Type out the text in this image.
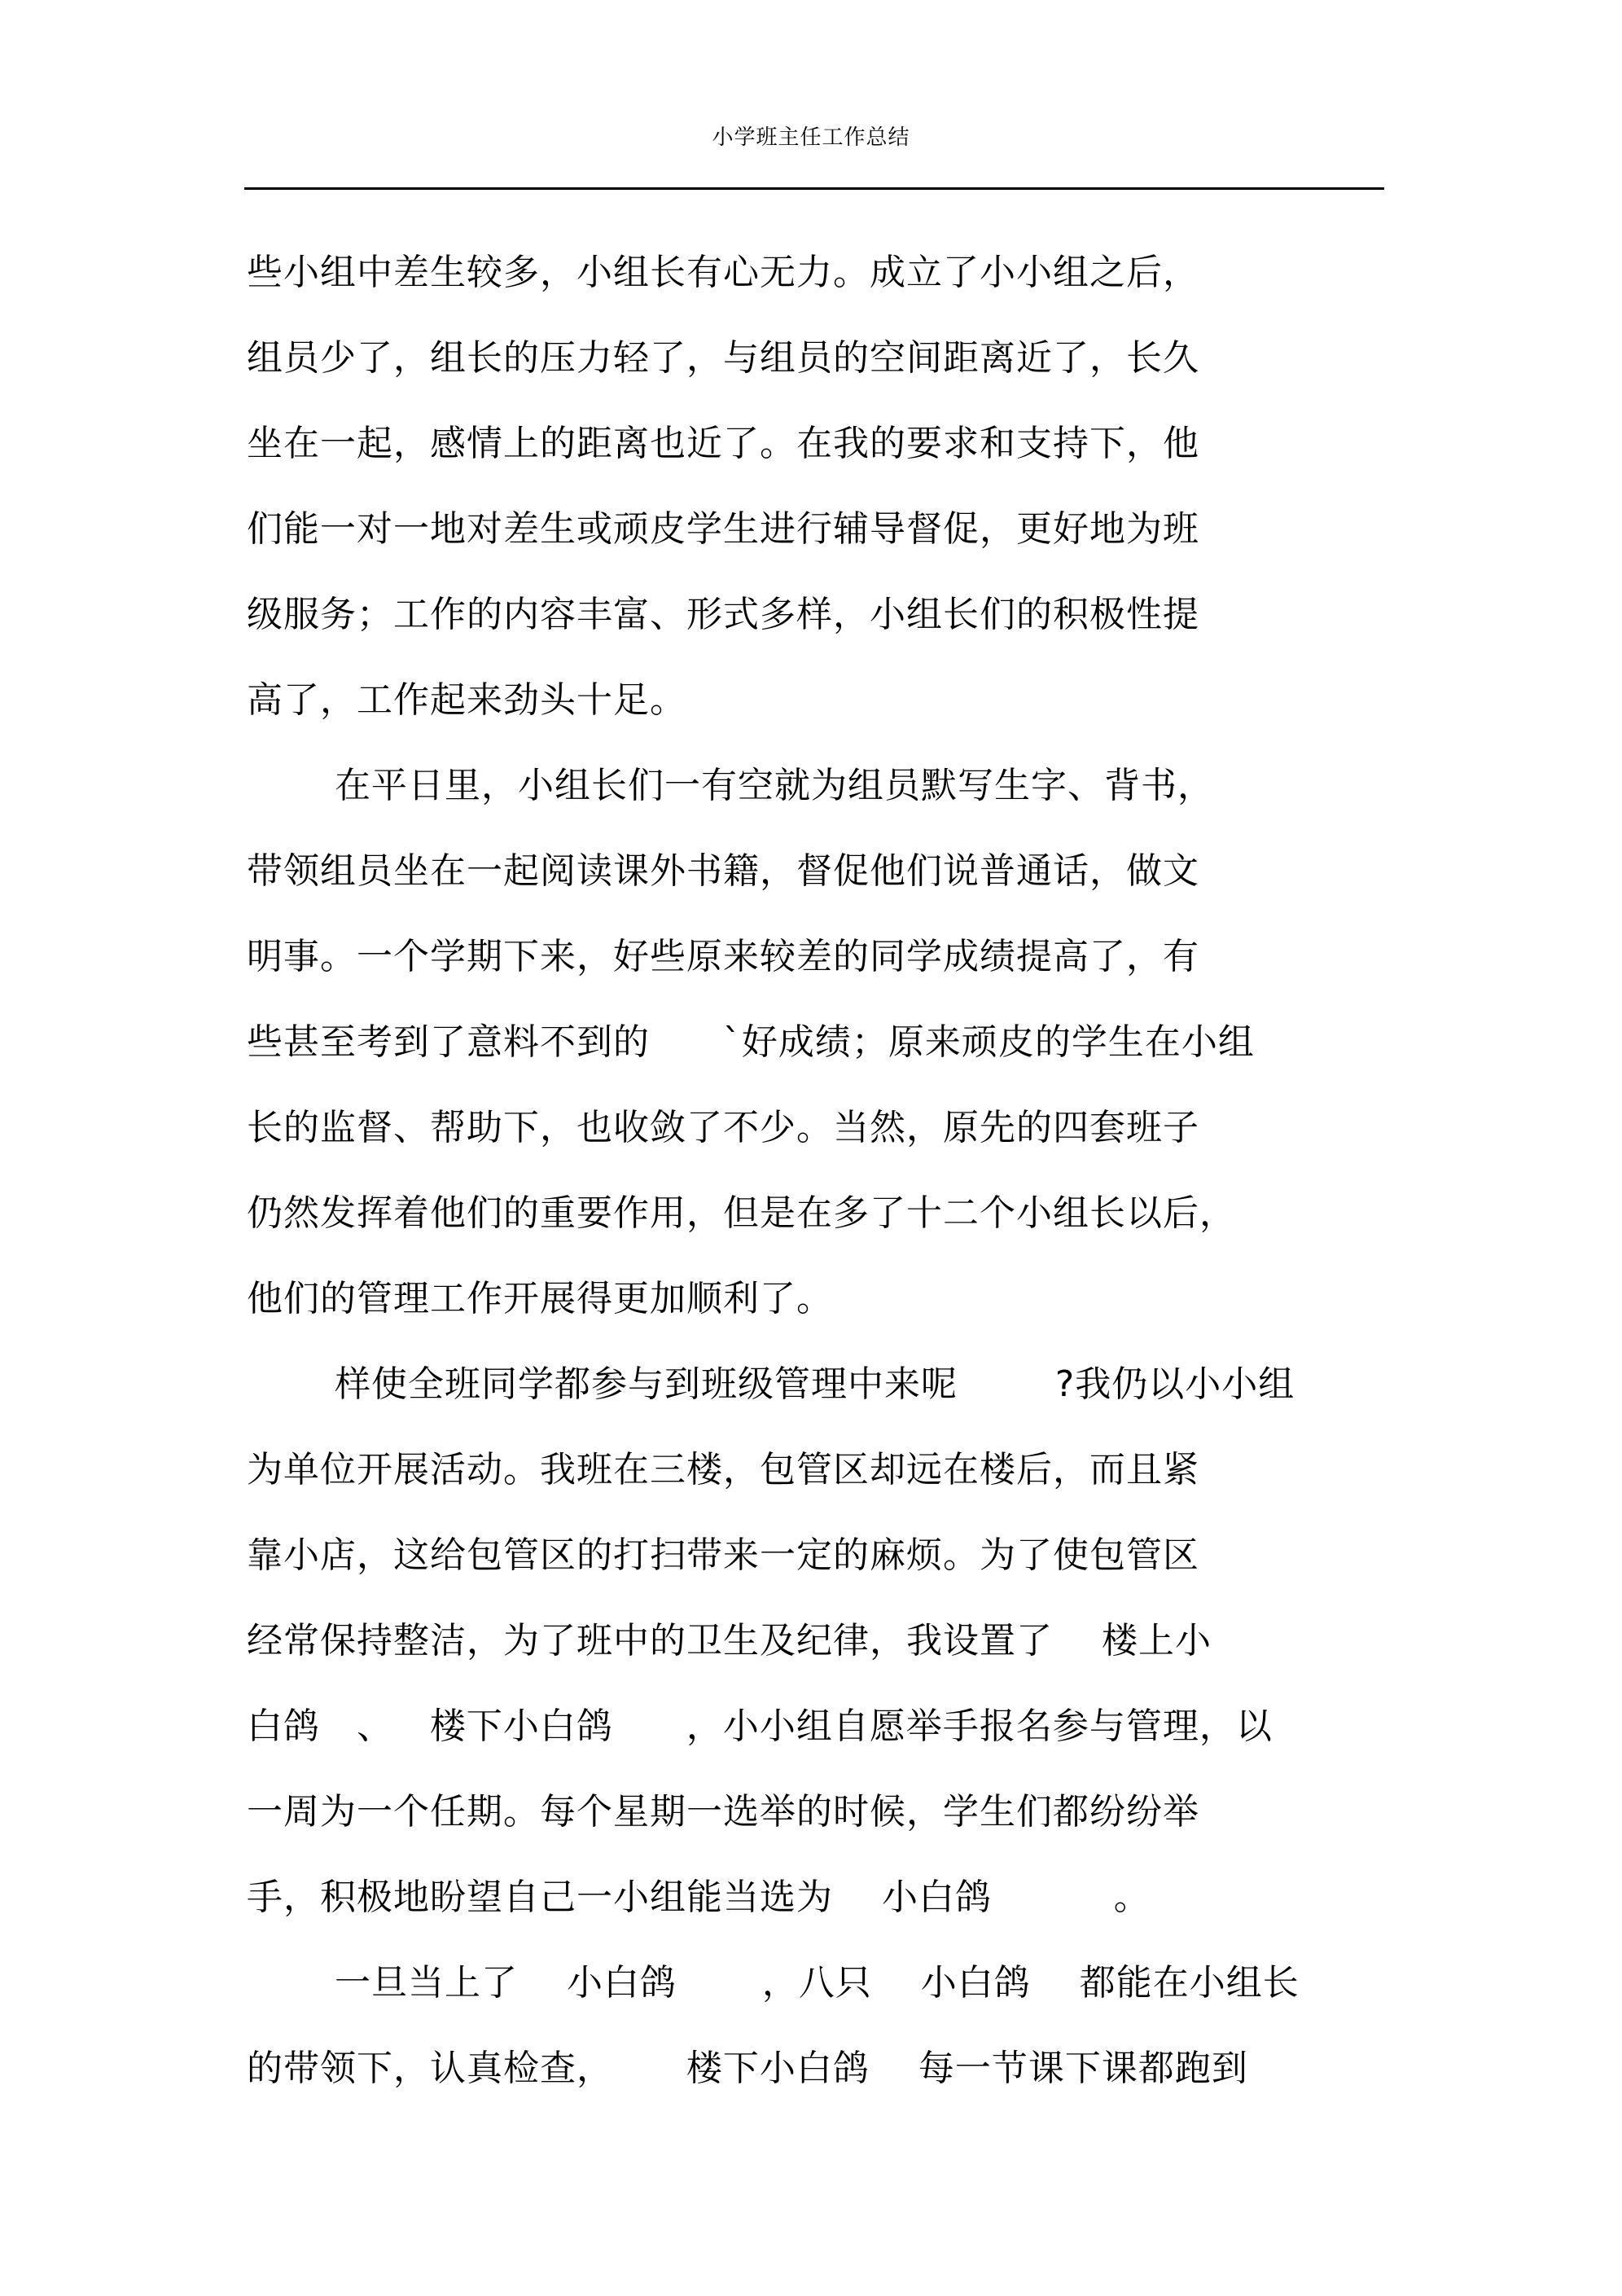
小学班主任工作总结
些小组中差生较多，小组长有心无力。成立了小小组之后，
组员少了，组长的压力轻了，与组员的空间距离近了，长久
坐在一起，感情上的距离也近了。在我的要求和支持下，他
们能一对一地对差生或顽皮学生进行辅导督促，更好地为班
级服务；工作的内容丰富、形式多样，小组长们的积极性提
高了，工作起来劲头十足。
在平日里，小组长们一有空就为组员默写生字、背书，
带领组员坐在一起阅读课外书籍，督促他们说普通话，做文
明事。一个学期下来，好些原来较差的同学成绩提高了，有
些甚至考到了意料不到的      `好成绩；原来顽皮的学生在小组
长的监督、帮助下，也收敛了不少。当然，原先的四套班子
仍然发挥着他们的重要作用，但是在多了十二个小组长以后，
他们的管理工作开展得更加顺利了。
样使全班同学都参与到班级管理中来呢        ?我仍以小小组
为单位开展活动。我班在三楼，包管区却远在楼后，而且紧
靠小店，这给包管区的打扫带来一定的麻烦。为了使包管区
经常保持整洁，为了班中的卫生及纪律，我设置了    楼上小
白鸽   、   楼下小白鸽      ，小小组自愿举手报名参与管理，以
一周为一个任期。每个星期一选举的时候，学生们都纷纷举
手，积极地盼望自己一小组能当选为    小白鸽          。
一旦当上了    小白鸽       ，八只    小白鸽    都能在小组长
的带领下，认真检查，      楼下小白鸽    每一节课下课都跑到
